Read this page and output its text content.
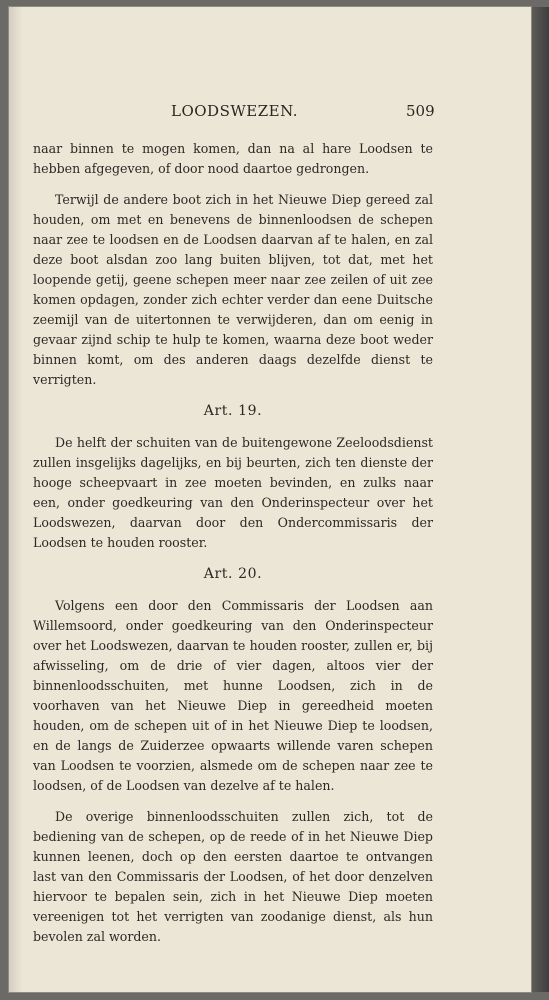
LOODSWEZEN.	509

naar binnen te mogen komen, dan na al hare Loodsen te hebben afgegeven, of door nood daartoe gedrongen.

Terwijl de andere boot zich in het Nieuwe Diep gereed zal houden, om met en benevens de binnenloodsen de schepen naar zee te loodsen en de Loodsen daarvan af te halen, en zal deze boot alsdan zoo lang buiten blijven, tot dat, met het loopende getij, geene schepen meer naar zee zeilen of uit zee komen opdagen, zonder zich echter verder dan eene Duitsche zeemijl van de uitertonnen te verwijderen, dan om eenig in gevaar zijnd schip te hulp te komen, waarna deze boot weder binnen komt, om des anderen daags dezelfde dienst te verrigten.

Art. 19.

De helft der schuiten van de buitengewone Zeeloodsdienst zullen insgelijks dagelijks, en bij beurten, zich ten dienste der hooge scheepvaart in zee moeten bevinden, en zulks naar een, onder goedkeuring van den Onderinspecteur over het Loodswezen, daarvan door den Ondercommissaris der Loodsen te houden rooster.

Art. 20.

Volgens een door den Commissaris der Loodsen aan Willemsoord, onder goedkeuring van den Onderinspecteur over het Loodswezen, daarvan te houden rooster, zullen er, bij afwisseling, om de drie of vier dagen, altoos vier der binnenloodsschuiten, met hunne Loodsen, zich in de voorhaven van het Nieuwe Diep in gereedheid moeten houden, om de schepen uit of in het Nieuwe Diep te loodsen, en de langs de Zuiderzee opwaarts willende varen schepen van Loodsen te voorzien, alsmede om de schepen naar zee te loodsen, of de Loodsen van dezelve af te halen.

De overige binnenloodsschuiten zullen zich, tot de bediening van de schepen, op de reede of in het Nieuwe Diep kunnen leenen, doch op den eersten daartoe te ontvangen last van den Commissaris der Loodsen, of het door denzelven hiervoor te bepalen sein, zich in het Nieuwe Diep moeten vereenigen tot het verrigten van zoodanige dienst, als hun bevolen zal worden.
